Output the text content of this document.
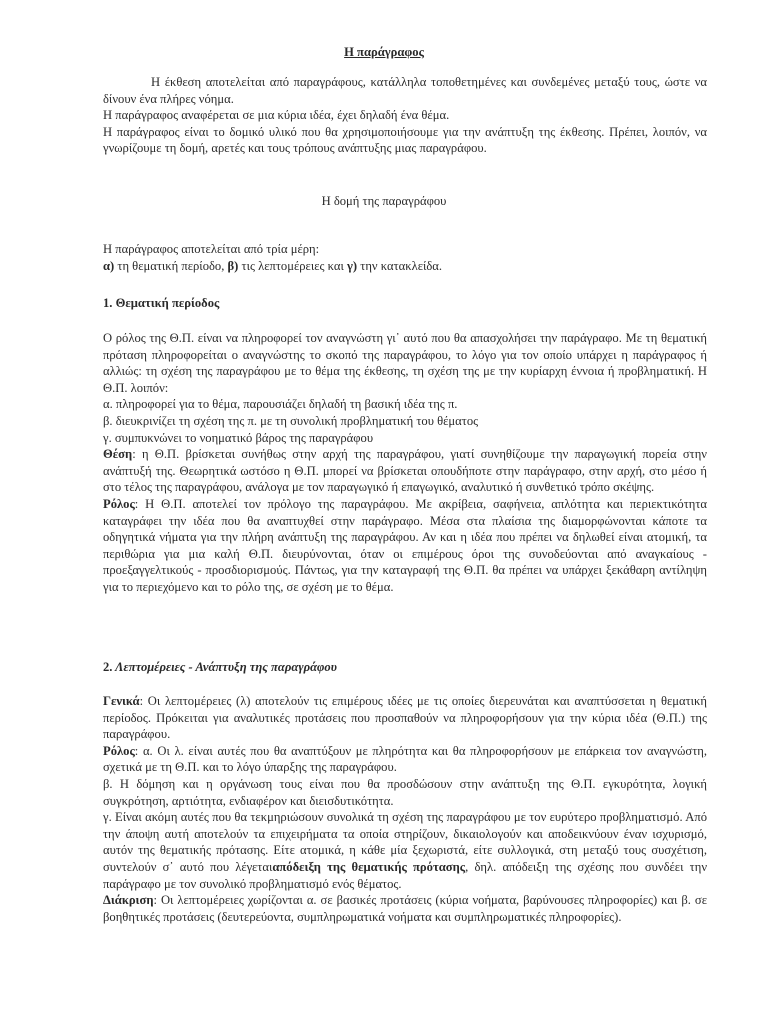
Η παράγραφος

Η έκθεση αποτελείται από παραγράφους, κατάλληλα τοποθετημένες και συνδεμένες μεταξύ τους, ώστε να δίνουν ένα πλήρες νόημα.

Η παράγραφος αναφέρεται σε μια κύρια ιδέα, έχει δηλαδή ένα θέμα.

Η παράγραφος είναι το δομικό υλικό που θα χρησιμοποιήσουμε για την ανάπτυξη της έκθεσης. Πρέπει, λοιπόν, να γνωρίζουμε τη δομή, αρετές και τους τρόπους ανάπτυξης μιας παραγράφου.

Η δομή της παραγράφου

Η παράγραφος αποτελείται από τρία μέρη:

α) τη θεματική περίοδο, β) τις λεπτομέρειες και γ) την κατακλείδα.

1. Θεματική περίοδος

Ο ρόλος της Θ.Π. είναι να πληροφορεί τον αναγνώστη γι᾽ αυτό που θα απασχολήσει την παράγραφο. Με τη θεματική πρόταση πληροφορείται ο αναγνώστης το σκοπό της παραγράφου, το λόγο για τον οποίο υπάρχει η παράγραφος ή αλλιώς: τη σχέση της παραγράφου με το θέμα της έκθεσης, τη σχέση της με την κυρίαρχη έννοια ή προβληματική. Η Θ.Π. λοιπόν:

α. πληροφορεί για το θέμα, παρουσιάζει δηλαδή τη βασική ιδέα της π.

β. διευκρινίζει τη σχέση της π. με τη συνολική προβληματική του θέματος

γ. συμπυκνώνει το νοηματικό βάρος της παραγράφου

Θέση: η Θ.Π. βρίσκεται συνήθως στην αρχή της παραγράφου, γιατί συνηθίζουμε την παραγωγική πορεία στην ανάπτυξή της. Θεωρητικά ωστόσο η Θ.Π. μπορεί να βρίσκεται οπουδήποτε στην παράγραφο, στην αρχή, στο μέσο ή στο τέλος της παραγράφου, ανάλογα με τον παραγωγικό ή επαγωγικό, αναλυτικό ή συνθετικό τρόπο σκέψης.

Ρόλος: Η Θ.Π. αποτελεί τον πρόλογο της παραγράφου. Με ακρίβεια, σαφήνεια, απλότητα και περιεκτικότητα καταγράφει την ιδέα που θα αναπτυχθεί στην παράγραφο. Μέσα στα πλαίσια της διαμορφώνονται κάποτε τα οδηγητικά νήματα για την πλήρη ανάπτυξη της παραγράφου. Αν και η ιδέα που πρέπει να δηλωθεί είναι ατομική, τα περιθώρια για μια καλή Θ.Π. διευρύνονται, όταν οι επιμέρους όροι της συνοδεύονται από αναγκαίους - προεξαγγελτικούς - προσδιορισμούς. Πάντως, για την καταγραφή της Θ.Π. θα πρέπει να υπάρχει ξεκάθαρη αντίληψη για το περιεχόμενο και το ρόλο της, σε σχέση με το θέμα.

2. Λεπτομέρειες - Ανάπτυξη της παραγράφου

Γενικά: Οι λεπτομέρειες (λ) αποτελούν τις επιμέρους ιδέες με τις οποίες διερευνάται και αναπτύσσεται η θεματική περίοδος. Πρόκειται για αναλυτικές προτάσεις που προσπαθούν να πληροφορήσουν για την κύρια ιδέα (Θ.Π.) της παραγράφου.

Ρόλος: α. Οι λ. είναι αυτές που θα αναπτύξουν με πληρότητα και θα πληροφορήσουν με επάρκεια τον αναγνώστη, σχετικά με τη Θ.Π. και το λόγο ύπαρξης της παραγράφου.

β. Η δόμηση και η οργάνωση τους είναι που θα προσδώσουν στην ανάπτυξη της Θ.Π. εγκυρότητα, λογική συγκρότηση, αρτιότητα, ενδιαφέρον και διεισδυτικότητα.

γ. Είναι ακόμη αυτές που θα τεκμηριώσουν συνολικά τη σχέση της παραγράφου με τον ευρύτερο προβληματισμό. Από την άποψη αυτή αποτελούν τα επιχειρήματα τα οποία στηρίζουν, δικαιολογούν και αποδεικνύουν έναν ισχυρισμό, αυτόν της θεματικής πρότασης. Είτε ατομικά, η κάθε μία ξεχωριστά, είτε συλλογικά, στη μεταξύ τους συσχέτιση, συντελούν σ᾽ αυτό που λέγεταιαπόδειξη της θεματικής πρότασης, δηλ. απόδειξη της σχέσης που συνδέει την παράγραφο με τον συνολικό προβληματισμό ενός θέματος.

Διάκριση: Οι λεπτομέρειες χωρίζονται α. σε βασικές προτάσεις (κύρια νοήματα, βαρύνουσες πληροφορίες) και β. σε βοηθητικές προτάσεις (δευτερεύοντα, συμπληρωματικά νοήματα και συμπληρωματικές πληροφορίες).
